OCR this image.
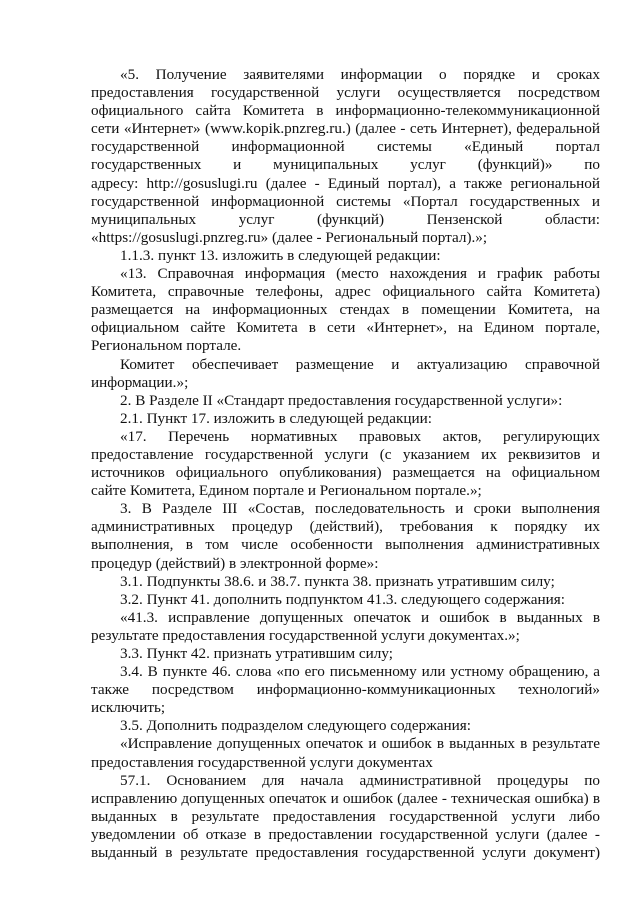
«5. Получение заявителями информации о порядке и сроках
предоставления государственной услуги осуществляется посредством
официального сайта Комитета в информационно-телекоммуникационной
сети «Интернет» (www.kopik.pnzreg.ru.) (далее - сеть Интернет), федеральной
государственной информационной системы «Единый портал
государственных и муниципальных услуг (функций)» по
адресу: http://gosuslugi.ru (далее - Единый портал), а также региональной
государственной информационной системы «Портал государственных и
муниципальных услуг (функций) Пензенской области:
«https://gosuslugi.pnzreg.ru» (далее - Региональный портал).»;
1.1.3. пункт 13. изложить в следующей редакции:
«13. Справочная информация (место нахождения и график работы
Комитета, справочные телефоны, адрес официального сайта Комитета)
размещается на информационных стендах в помещении Комитета, на
официальном сайте Комитета в сети «Интернет», на Едином портале,
Региональном портале.
Комитет обеспечивает размещение и актуализацию справочной
информации.»;
2. В Разделе II «Стандарт предоставления государственной услуги»:
2.1. Пункт 17. изложить в следующей редакции:
«17. Перечень нормативных правовых актов, регулирующих
предоставление государственной услуги (с указанием их реквизитов и
источников официального опубликования) размещается на официальном
сайте Комитета, Едином портале и Региональном портале.»;
3. В Разделе III «Состав, последовательность и сроки выполнения
административных процедур (действий), требования к порядку их
выполнения, в том числе особенности выполнения административных
процедур (действий) в электронной форме»:
3.1. Подпункты 38.6. и 38.7. пункта 38. признать утратившим силу;
3.2. Пункт 41. дополнить подпунктом 41.3. следующего содержания:
«41.3. исправление допущенных опечаток и ошибок в выданных в
результате предоставления государственной услуги документах.»;
3.3. Пункт 42. признать утратившим силу;
3.4. В пункте 46. слова «по его письменному или устному обращению, а
также посредством информационно-коммуникационных технологий»
исключить;
3.5. Дополнить подразделом следующего содержания:
«Исправление допущенных опечаток и ошибок в выданных в результате
предоставления государственной услуги документах
57.1. Основанием для начала административной процедуры по
исправлению допущенных опечаток и ошибок (далее - техническая ошибка) в
выданных в результате предоставления государственной услуги либо
уведомлении об отказе в предоставлении государственной услуги (далее -
выданный в результате предоставления государственной услуги документ)
